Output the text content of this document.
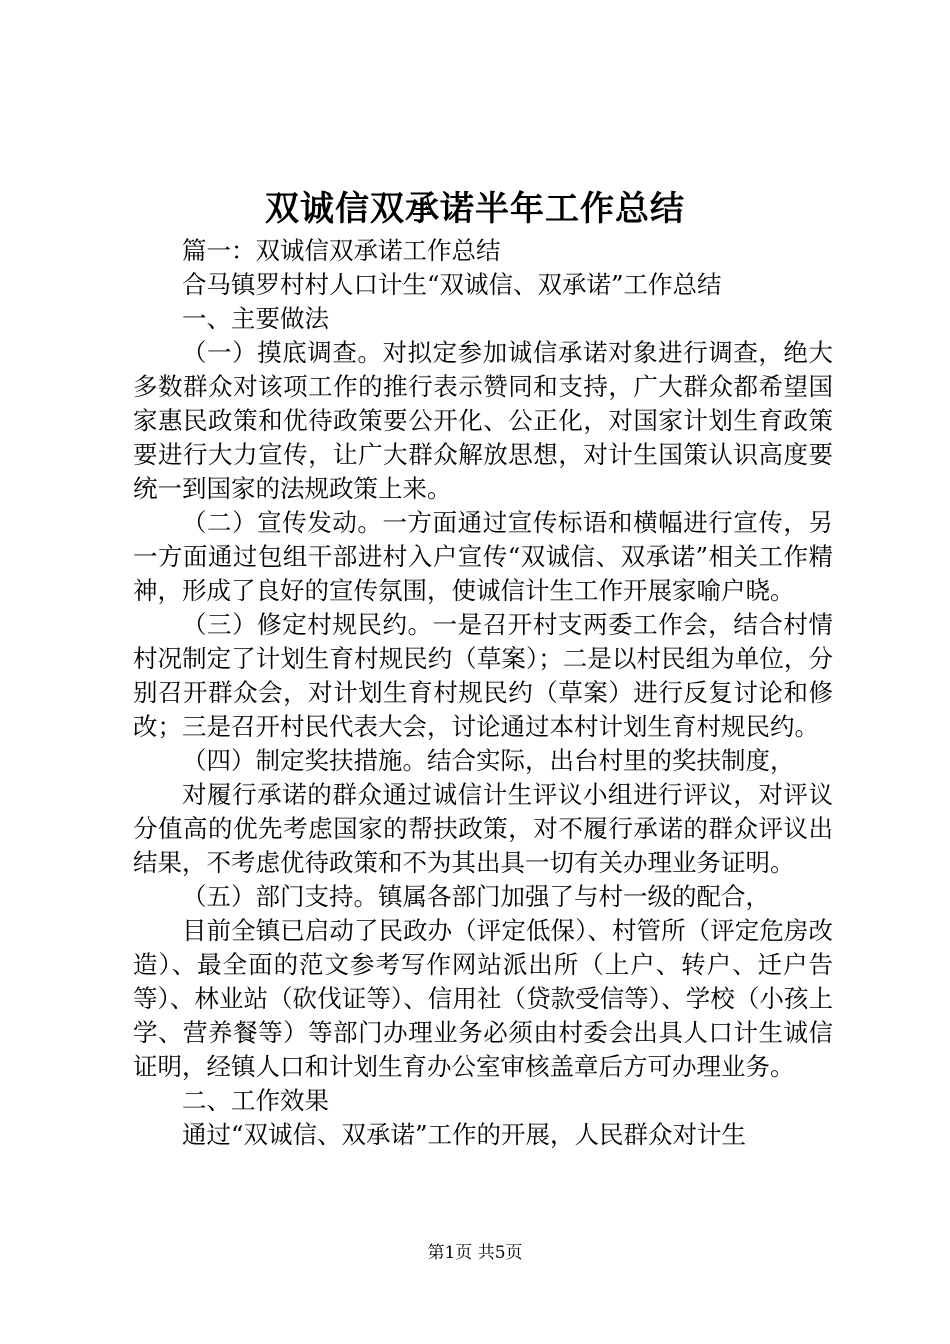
双诚信双承诺半年工作总结

篇一：双诚信双承诺工作总结

合马镇罗村村人口计生“双诚信、双承诺”工作总结

一、主要做法

（一）摸底调查。对拟定参加诚信承诺对象进行调查，绝大多数群众对该项工作的推行表示赞同和支持，广大群众都希望国家惠民政策和优待政策要公开化、公正化，对国家计划生育政策要进行大力宣传，让广大群众解放思想，对计生国策认识高度要统一到国家的法规政策上来。

（二）宣传发动。一方面通过宣传标语和横幅进行宣传，另一方面通过包组干部进村入户宣传“双诚信、双承诺”相关工作精神，形成了良好的宣传氛围，使诚信计生工作开展家喻户晓。

（三）修定村规民约。一是召开村支两委工作会，结合村情村况制定了计划生育村规民约（草案）；二是以村民组为单位，分别召开群众会，对计划生育村规民约（草案）进行反复讨论和修改；三是召开村民代表大会，讨论通过本村计划生育村规民约。

（四）制定奖扶措施。结合实际，出台村里的奖扶制度，

对履行承诺的群众通过诚信计生评议小组进行评议，对评议分值高的优先考虑国家的帮扶政策，对不履行承诺的群众评议出结果，不考虑优待政策和不为其出具一切有关办理业务证明。

（五）部门支持。镇属各部门加强了与村一级的配合，

目前全镇已启动了民政办（评定低保）、村管所（评定危房改造）、最全面的范文参考写作网站派出所（上户、转户、迁户告等）、林业站（砍伐证等）、信用社（贷款受信等）、学校（小孩上学、营养餐等）等部门办理业务必须由村委会出具人口计生诚信证明，经镇人口和计划生育办公室审核盖章后方可办理业务。

二、工作效果

通过“双诚信、双承诺”工作的开展，人民群众对计生

第1页 共5页
